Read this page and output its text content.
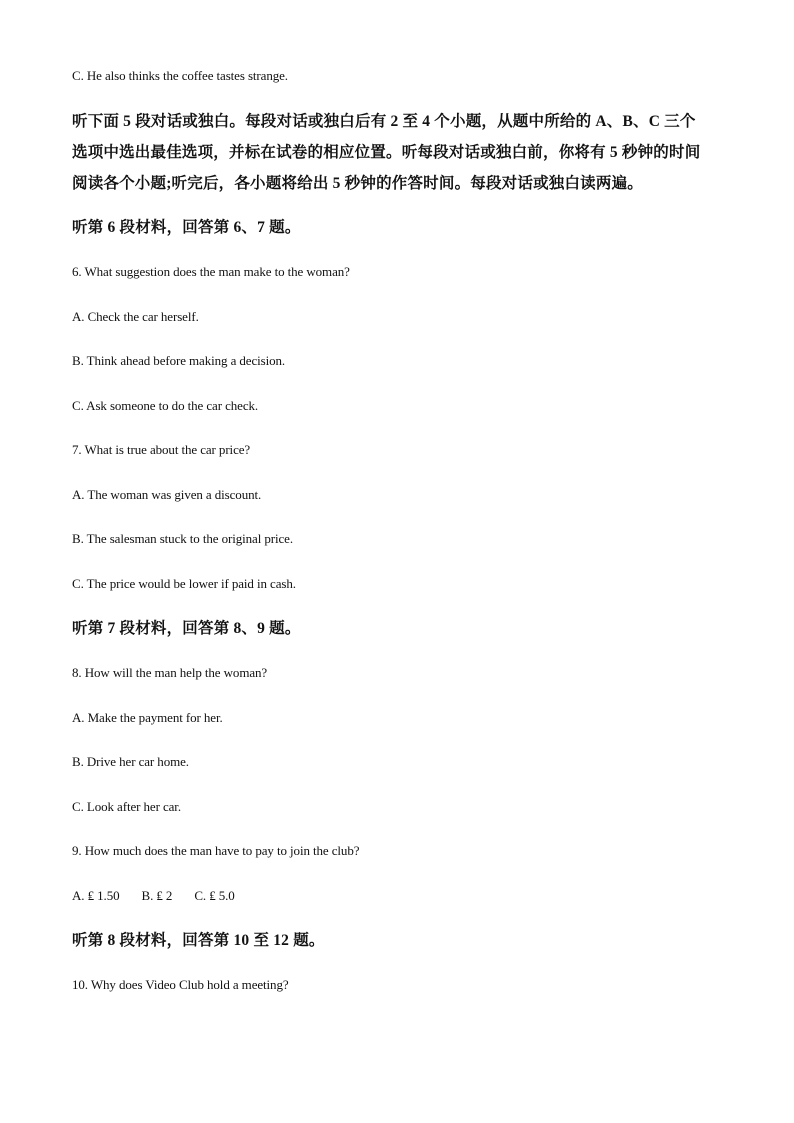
C. He also thinks the coffee tastes strange.
听下面 5 段对话或独白。每段对话或独白后有 2 至 4 个小题，从题中所给的 A、B、C 三个
选项中选出最佳选项，并标在试卷的相应位置。听每段对话或独白前，你将有 5 秒钟的时间
阅读各个小题;听完后，各小题将给出 5 秒钟的作答时间。每段对话或独白读两遍。
听第 6 段材料，回答第 6、7 题。
6. What suggestion does the man make to the woman?
A. Check the car herself.
B. Think ahead before making a decision.
C. Ask someone to do the car check.
7. What is true about the car price?
A. The woman was given a discount.
B. The salesman stuck to the original price.
C. The price would be lower if paid in cash.
听第 7 段材料，回答第 8、9 题。
8. How will the man help the woman?
A. Make the payment for her.
B. Drive her car home.
C. Look after her car.
9. How much does the man have to pay to join the club?
A. ₤ 1.50 B. ₤ 2 C. ₤ 5.0
听第 8 段材料，回答第 10 至 12 题。
10. Why does Video Club hold a meeting?
